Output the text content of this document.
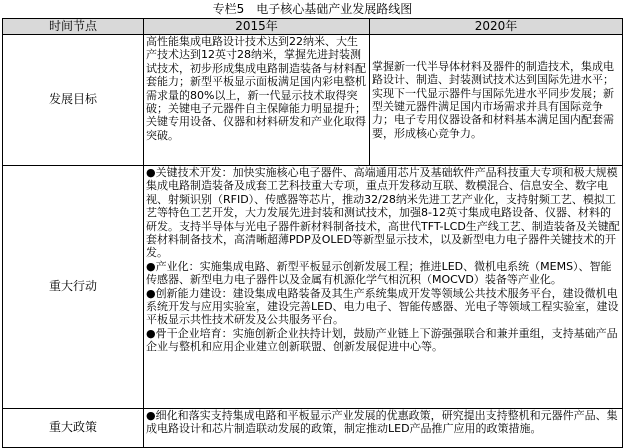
专栏5　电子核心基础产业发展路线图
时间节点	2015年	2020年
发展目标	高性能集成电路设计技术达到22纳米、大生产技术达到12英寸28纳米，掌握先进封装测试技术，初步形成集成电路制造装备与材料配套能力；新型平板显示面板满足国内彩电整机需求量的80%以上，新一代显示技术取得突破；关键电子元器件自主保障能力明显提升；关键专用设备、仪器和材料研发和产业化取得突破。	掌握新一代半导体材料及器件的制造技术，集成电路设计、制造、封装测试技术达到国际先进水平；实现下一代显示器件与国际先进水平同步发展；新型关键元器件满足国内市场需求并具有国际竞争力；电子专用仪器设备和材料基本满足国内配套需要，形成核心竞争力。
重大行动	●关键技术开发：加快实施核心电子器件、高端通用芯片及基础软件产品科技重大专项和极大规模集成电路制造装备及成套工艺科技重大专项，重点开发移动互联、数模混合、信息安全、数字电视、射频识别（RFID）、传感器等芯片，推动32/28纳米先进工艺产业化，支持射频工艺、模拟工艺等特色工艺开发，大力发展先进封装和测试技术，加强8-12英寸集成电路设备、仪器、材料的研发。支持半导体与光电子器件新材料制备技术，高世代TFT-LCD生产线工艺、制造装备及关键配套材料制备技术，高清晰超薄PDP及OLED等新型显示技术，以及新型电力电子器件关键技术的开发。
●产业化：实施集成电路、新型平板显示创新发展工程；推进LED、微机电系统（MEMS）、智能传感器、新型电力电子器件以及金属有机源化学气相沉积（MOCVD）装备等产业化。
●创新能力建设：建设集成电路装备及其生产系统集成开发等领域公共技术服务平台，建设微机电系统开发与应用实验室，建设完善LED、电力电子、智能传感器、光电子等领域工程实验室，建设平板显示共性技术研发及公共服务平台。
●骨干企业培育：实施创新企业扶持计划，鼓励产业链上下游强强联合和兼并重组，支持基础产品企业与整机和应用企业建立创新联盟、创新发展促进中心等。	

重大政策	●细化和落实支持集成电路和平板显示产业发展的优惠政策，研究提出支持整机和元器件产品、集成电路设计和芯片制造联动发展的政策，制定推动LED产品推广应用的政策措施。	
